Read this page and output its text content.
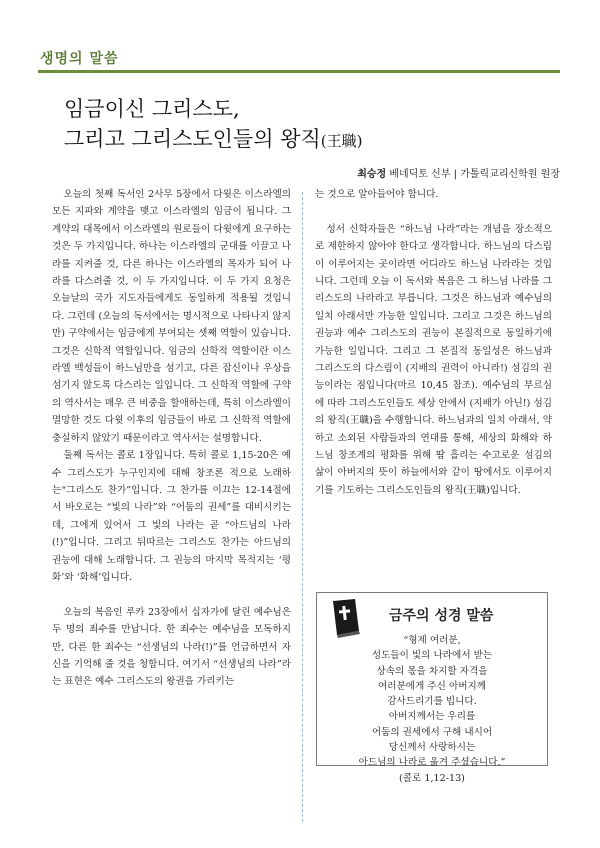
생명의 말씀
임금이신 그리스도,
그리고 그리스도인들의 왕직(王職)
최승정 베네딕토 신부 | 가톨릭교리신학원 원장

오늘의 첫째 독서인 2사무 5장에서 다윗은 이스라엘의 모든 지파와 계약을 맺고 이스라엘의 임금이 됩니다. 그 계약의 대목에서 이스라엘의 원로들이 다윗에게 요구하는 것은 두 가지입니다. 하나는 이스라엘의 군대를 이끌고 나라를 지켜줄 것, 다른 하나는 이스라엘의 목자가 되어 나라를 다스려줄 것, 이 두 가지입니다. 이 두 가지 요청은 오늘날의 국가 지도자들에게도 동일하게 적용될 것입니다. 그런데 (오늘의 독서에서는 명시적으로 나타나지 않지만) 구약에서는 임금에게 부여되는 셋째 역할이 있습니다. 그것은 신학적 역할입니다. 임금의 신학적 역할이란 이스라엘 백성들이 하느님만을 섬기고, 다른 잡신이나 우상을 섬기지 않도록 다스리는 일입니다. 그 신학적 역할에 구약의 역사서는 매우 큰 비중을 할애하는데, 특히 이스라엘이 멸망한 것도 다윗 이후의 임금들이 바로 그 신학적 역할에 충실하지 않았기 때문이라고 역사서는 설명합니다.

둘째 독서는 콜로 1장입니다. 특히 콜로 1,15-20은 예수 그리스도가 누구인지에 대해 창조론 적으로 노래하는“그리스도 찬가”입니다. 그 찬가를 이끄는 12-14절에서 바오로는 “빛의 나라”와 “어둠의 권세”를 대비시키는데, 그에게 있어서 그 빛의 나라는 곧 “아드님의 나라(!)”입니다. 그리고 뒤따르는 그리스도 찬가는 아드님의 권능에 대해 노래합니다. 그 권능의 마지막 목적지는 ‘평화’와 ‘화해’입니다.

오늘의 복음인 루카 23장에서 십자가에 달린 예수님은 두 명의 죄수를 만납니다. 한 죄수는 예수님을 모독하지만, 다른 한 죄수는 “선생님의 나라(!)”를 언급하면서 자신을 기억해 줄 것을 청합니다. 여기서 “선생님의 나라”라는 표현은 예수 그리스도의 왕권을 가리키는

는 것으로 알아들어야 합니다.

성서 신학자들은 “하느님 나라”라는 개념을 장소적으로 제한하지 않아야 한다고 생각합니다. 하느님의 다스림이 이루어지는 곳이라면 어디라도 하느님 나라라는 것입니다. 그런데 오늘 이 독서와 복음은 그 하느님 나라를 그리스도의 나라라고 부릅니다. 그것은 하느님과 예수님의 일치 아래서만 가능한 일입니다. 그리고 그것은 하느님의 권능과 예수 그리스도의 권능이 본질적으로 동일하기에 가능한 일입니다. 그리고 그 본질적 동일성은 하느님과 그리스도의 다스림이 (지배의 권력이 아니라!) 섬김의 권능이라는 점입니다(마르 10,45 참조). 예수님의 부르심에 따라 그리스도인들도 세상 안에서 (지배가 아닌!) 섬김의 왕직(王職)을 수행합니다. 하느님과의 일치 아래서, 약하고 소외된 사람들과의 연대를 통해, 세상의 화해와 하느님 창조계의 평화를 위해 땀 흘리는 수고로운 섬김의 삶이 아버지의 뜻이 하늘에서와 같이 땅에서도 이루어지기를 기도하는 그리스도인들의 왕직(王職)입니다.

금주의 성경 말씀
“형제 여러분,
성도들이 빛의 나라에서 받는
상속의 몫을 차지할 자격을
여러분에게 주신 아버지께
감사드리기를 빕니다.
아버지께서는 우리를
어둠의 권세에서 구해 내시어
당신께서 사랑하시는
아드님의 나라로 옮겨 주셨습니다.”
(콜로 1,12-13)
